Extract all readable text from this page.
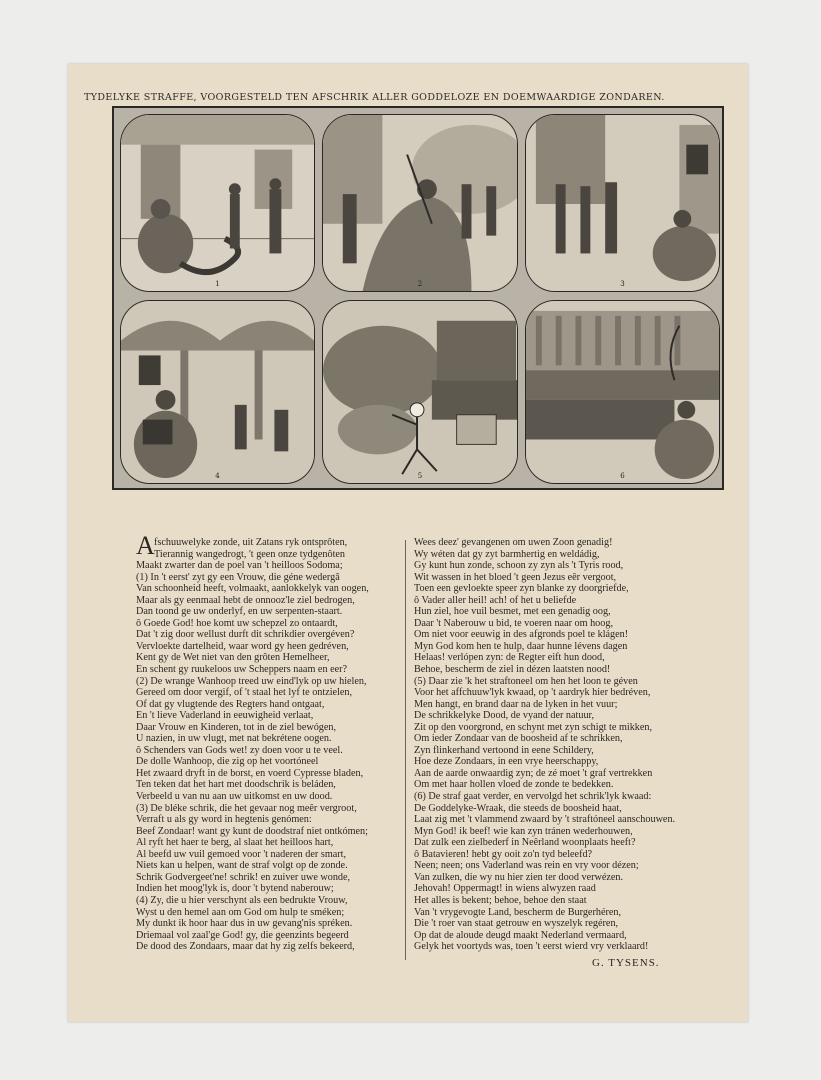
TYDELYKE STRAFFE, VOORGESTELD TEN AFSCHRIK ALLER GODDELOZE EN DOEMWAARDIGE ZONDAREN.
1	2	3
4	5	6
A fschuuwelyke zonde, uit Zatans ryk ontsprôten,
Tierannig wangedrogt, 't geen onze tydgenôten
Maakt zwarter dan de poel van 't heilloos Sodoma;
(1) In 't eerst' zyt gy een Vrouw, die géne wedergâ
Van schoonheid heeft, volmaakt, aanlokkelyk van oogen,
Maar als gy eenmaal hebt de onnooz'le ziel bedrogen,
Dan toond ge uw onderlyf, en uw serpenten-staart.
ô Goede God! hoe komt uw schepzel zo ontaardt,
Dat 't zig door wellust durft dit schrikdier overgéven?
Vervloekte dartelheid, waar word gy heen gedréven,
Kent gy de Wet niet van den grôten Hemelheer,
En schent gy ruukeloos uw Scheppers naam en eer?
(2) De wrange Wanhoop treed uw eind'lyk op uw hielen,
Gereed om door vergif, of 't staal het lyf te ontzielen,
Of dat gy vlugtende des Regters hand ontgaat,
En 't lieve Vaderland in eeuwigheid verlaat,
Daar Vrouw en Kinderen, tot in de ziel bewógen,
U nazien, in uw vlugt, met nat bekrétene oogen.
ô Schenders van Gods wet! zy doen voor u te veel.
De dolle Wanhoop, die zig op het voortóneel
Het zwaard dryft in de borst, en voerd Cypresse bladen,
Ten teken dat het hart met doodschrik is beláden,
Verbeeld u van nu aan uw uitkomst en uw dood.
(3) De bléke schrik, die het gevaar nog meêr vergroot,
Verraft u als gy word in hegtenis genómen:
Beef Zondaar! want gy kunt de doodstraf niet ontkómen;
Al ryft het haer te berg, al slaat het heilloos hart,
Al beefd uw vuil gemoed voor 't naderen der smart,
Niets kan u helpen, want de straf volgt op de zonde.
Schrik Godvergeet'ne! schrik! en zuiver uwe wonde,
Indien het moog'lyk is, door 't bytend naberouw;
(4) Zy, die u hier verschynt als een bedrukte Vrouw,
Wyst u den hemel aan om God om hulp te sméken;
My dunkt ik hoor haar dus in uw gevang'nis spréken.
Driemaal vol zaal'ge God! gy, die geenzints begeerd
De dood des Zondaars, maar dat hy zig zelfs bekeerd,
Wees deez' gevangenen om uwen Zoon genadig!
Wy wéten dat gy zyt barmhertig en weldádig,
Gy kunt hun zonde, schoon zy zyn als 't Tyris rood,
Wit wassen in het bloed 't geen Jezus eêr vergoot,
Toen een gevloekte speer zyn blanke zy doorgriefde,
ô Vader aller heil! ach! of het u beliefde
Hun ziel, hoe vuil besmet, met een genadig oog,
Daar 't Naberouw u bid, te voeren naar om hoog,
Om niet voor eeuwig in des afgronds poel te klágen!
Myn God kom hen te hulp, daar hunne lévens dagen
Helaas! verlópen zyn: de Regter eift hun dood,
Behoe, bescherm de ziel in dézen laatsten nood!
(5) Daar zie 'k het straftoneel om hen het loon te géven
Voor het affchuuw'lyk kwaad, op 't aardryk hier bedréven,
Men hangt, en brand daar na de lyken in het vuur;
De schrikkelyke Dood, de vyand der natuur,
Zit op den voorgrond, en schynt met zyn schigt te mikken,
Om ieder Zondaar van de boosheid af te schrikken,
Zyn flinkerhand vertoond in eene Schildery,
Hoe deze Zondaars, in een vrye heerschappy,
Aan de aarde onwaardig zyn; de zé moet 't graf vertrekken
Om met haar hollen vloed de zonde te bedekken.
(6) De straf gaat verder, en vervolgd het schrik'lyk kwaad:
De Goddelyke-Wraak, die steeds de boosheid haat,
Laat zig met 't vlammend zwaard by 't straftóneel aanschouwen.
Myn God! ik beef! wie kan zyn tránen wederhouwen,
Dat zulk een zielbederf in Neêrland woonplaats heeft?
ô Batavieren! hebt gy ooit zo'n tyd beleefd?
Neen; neen; ons Vaderland was rein en vry voor dézen;
Van zulken, die wy nu hier zien ter dood verwézen.
Jehovah! Oppermagt! in wiens alwyzen raad
Het alles is bekent; behoe, behoe den staat
Van 't vrygevogte Land, bescherm de Burgerhéren,
Die 't roer van staat getrouw en wyszelyk regéren,
Op dat de aloude deugd maakt Nederland vermaard,
Gelyk het voortyds was, toen 't eerst wierd vry verklaard!
G. TYSENS.
